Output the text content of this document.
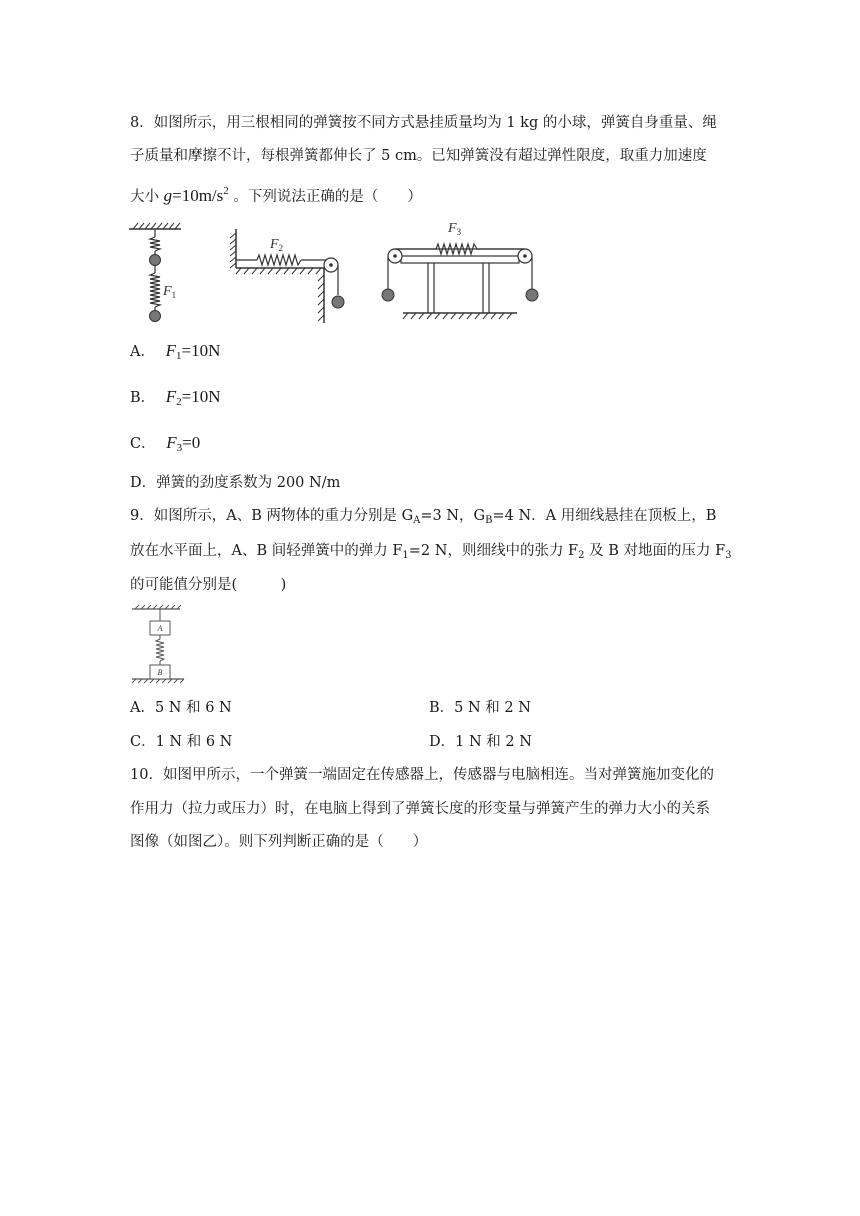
8．如图所示，用三根相同的弹簧按不同方式悬挂质量均为 1 kg 的小球，弹簧自身重量、绳
子质量和摩擦不计，每根弹簧都伸长了 5 cm。已知弹簧没有超过弹性限度，取重力加速度
大小 $g=10m/s^2$ 。下列说法正确的是（　　）
$F_1$
$F_2$
$F_3$
A． $F_1=10N$
B． $F_2=10N$
C． $F_3=0$
D．弹簧的劲度系数为 200 N/m
9．如图所示，A、B 两物体的重力分别是 $G_A=3$ N，$G_B=4$ N．A 用细线悬挂在顶板上，B
放在水平面上，A、B 间轻弹簧中的弹力 $F_1=2$ N，则细线中的张力 $F_2$ 及 B 对地面的压力 $F_3$
的可能值分别是(　　　)
A
B
A．5 N 和 6 N	B．5 N 和 2 N
C．1 N 和 6 N	D．1 N 和 2 N
10．如图甲所示，一个弹簧一端固定在传感器上，传感器与电脑相连。当对弹簧施加变化的
作用力（拉力或压力）时，在电脑上得到了弹簧长度的形变量与弹簧产生的弹力大小的关系
图像（如图乙）。则下列判断正确的是（　　）
